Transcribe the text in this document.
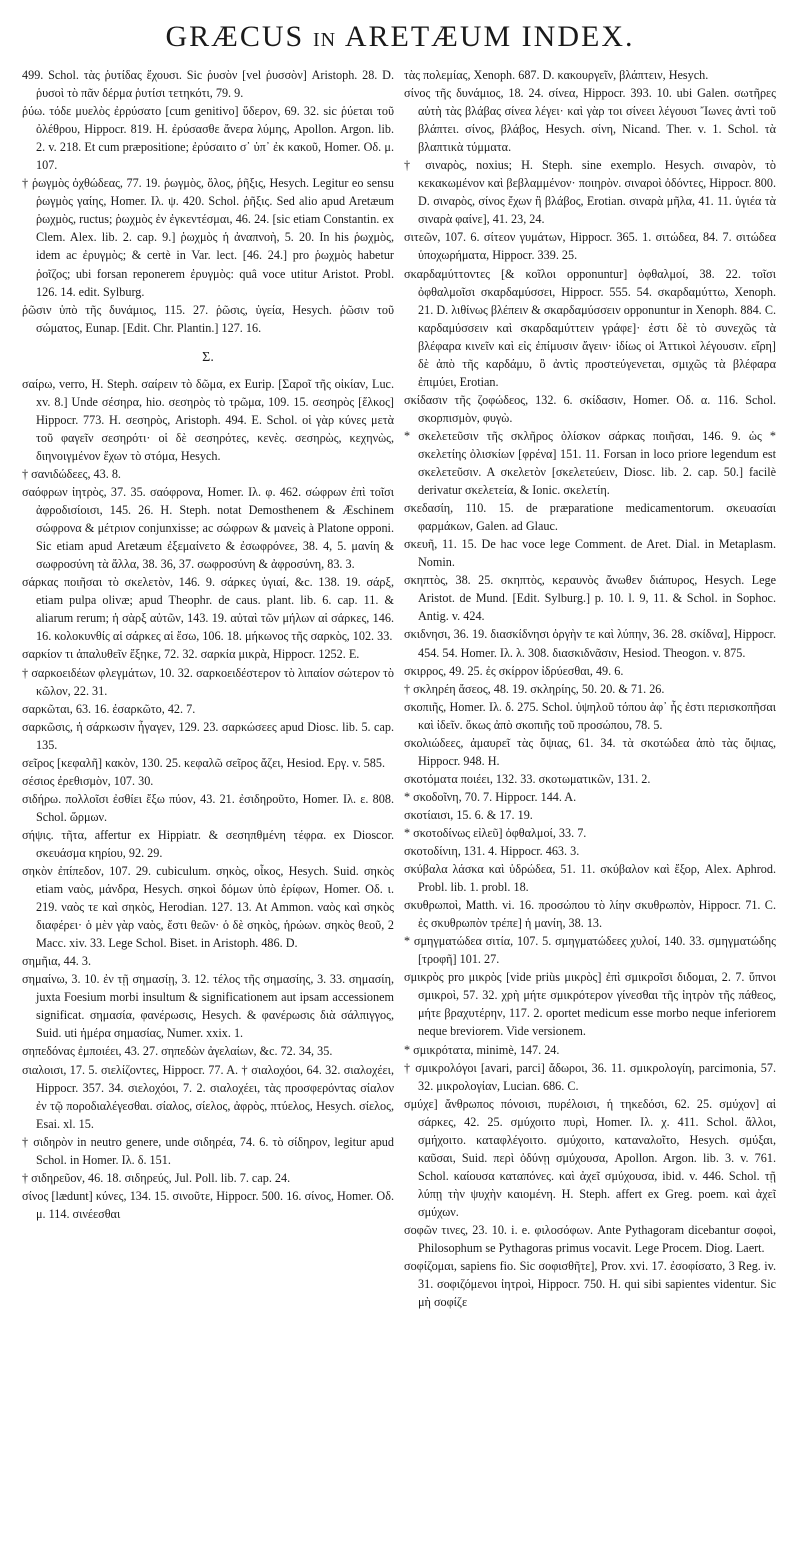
GRÆCUS IN ARETÆUM INDEX.

499. Schol. τὰς ῥυτίδας ἔχουσι. Sic ῥυσὸν [vel ῥυσσὸν] Aristoph. 28. D. ῥυσοὶ τὸ πᾶν δέρμα ῥυτίσι τετηκότι, 79. 9.

ῥύω. τόδε μυελὸς ἐρρύσατο [cum genitivo] ὕδερον, 69. 32. sic ῥύεται τοῦ ὀλέθρου, Hippocr. 819. H. ἐρύσασθε ἄνερα λύμης, Apollon. Argon. lib. 2. v. 218. Et cum præpositione; ἐρύσαιτο σ᾽ ὑπ᾽ ἐκ κακοῦ, Homer. Οδ. μ. 107.

† ῥωγμὸς ὀχθώδεας, 77. 19. ῥωγμὸς, ὅλος, ῥῆξις, Hesych. Legitur eo sensu ῥωγμὸς γαίης, Homer. Ιλ. ψ. 420. Schol. ῥῆξις. Sed alio apud Aretæum ῥωχμὸς, ructus; ῥωχμὸς ἐν ἐγκεντέσμαι, 46. 24. [sic etiam Constantin. ex Clem. Alex. lib. 2. cap. 9.] ῥωχμὸς ἡ ἀναπνοὴ, 5. 20. In his ῥωχμὸς, idem ac ἐρυγμὸς; & certè in Var. lect. [46. 24.] pro ῥωχμὸς habetur ῥοῖζος; ubi forsan reponerem ἐρυγμὸς: quâ voce utitur Aristot. Probl. 126. 14. edit. Sylburg.

ῥῶσιν ὑπὸ τῆς δυνάμιος, 115. 27. ῥῶσις, ὑγεία, Hesych. ῥῶσιν τοῦ σώματος, Eunap. [Edit. Chr. Plantin.] 127. 16.

Σ.

σαίρω, verro, H. Steph. σαίρειν τὸ δῶμα, ex Eurip. [Σαροῖ τῆς οἰκίαν, Luc. xv. 8.] Unde σέσηρα, hio. σεσηρὸς τὸ τρῶμα, 109. 15. σεσηρὸς [ἕλκος] Hippocr. 773. H. σεσηρὸς, Aristoph. 494. E. Schol. οἱ γὰρ κύνες μετὰ τοῦ φαγεῖν σεσηρότι· οἱ δὲ σεσηρότες, κενὲς. σεσηρὼς, κεχηνὼς, διηνοιγμένον ἔχων τὸ στόμα, Hesych.

† σανιδώδεες, 43. 8.

σαόφρων ἰητρὸς, 37. 35. σαόφρονα, Homer. Ιλ. φ. 462. σώφρων ἐπὶ τοῖσι ἀφροδισίοισι, 145. 26. H. Steph. notat Demosthenem & Æschinem σώφρονα & μέτριον conjunxisse; ac σώφρων & μανεὶς à Platone opponi. Sic etiam apud Aretæum ἐξεμαίνετο & ἐσωφρόνεε, 38. 4, 5. μανίη & σωφροσύνη τὰ ἄλλα, 38. 36, 37. σωφροσύνη & ἀφροσύνη, 83. 3.

σάρκας ποιῆσαι τὸ σκελετὸν, 146. 9. σάρκες ὑγιαί, &c. 138. 19. σάρξ, etiam pulpa olivæ; apud Theophr. de caus. plant. lib. 6. cap. 11. & aliarum rerum; ἡ σὰρξ αὐτῶν, 143. 19. αὐταὶ τῶν μήλων αἱ σάρκες, 146. 16. κολοκυνθίς αἱ σάρκες αἱ ἔσω, 106. 18. μήκωνος τῆς σαρκὸς, 102. 33.

σαρκίον τι ἀπαλυθεῖν ἔξηκε, 72. 32. σαρκία μικρὰ, Hippocr. 1252. E.

† σαρκοειδέων φλεγμάτων, 10. 32. σαρκοειδέστερον τὸ λιπαίον σώτερον τὸ κῶλον, 22. 31.

σαρκῶται, 63. 16. ἐσαρκῶτο, 42. 7.

σαρκῶσις, ἡ σάρκωσιν ἦγαγεν, 129. 23. σαρκώσεες apud Diosc. lib. 5. cap. 135.

σεῖρος [κεφαλῆ] κακὸν, 130. 25. κεφαλῶ σεῖρος ἄζει, Hesiod. Εργ. v. 585.

σέσιος ἐρεθισμὸν, 107. 30.

σιδήρω. πολλοῖσι ἐσθίει ἔξω πύον, 43. 21. ἐσιδηροῦτο, Homer. Ιλ. ε. 808. Schol. ὥρμων.

σήψις. τῆτα, affertur ex Hippiatr. & σεσηπθμένη τέφρα. ex Dioscor. σκευάσμα κηρίου, 92. 29.

σηκὸν ἐπίπεδον, 107. 29. cubiculum. σηκὸς, οἶκος, Hesych. Suid. σηκὸς etiam ναὸς, μάνδρα, Hesych. σηκοὶ δόμων ὑπὸ ἐρίφων, Homer. Οδ. ι. 219. ναὸς τε καὶ σηκὸς, Herodian. 127. 13. At Ammon. ναὸς καὶ σηκὸς διαφέρει· ὁ μὲν γὰρ ναὸς, ἔστι θεῶν· ὁ δὲ σηκὸς, ἡρώων. σηκὸς θεοῦ, 2 Macc. xiv. 33. Lege Schol. Biset. in Aristoph. 486. D.

σημῆια, 44. 3.

σημαίνω, 3. 10. ἐν τῇ σημασίῃ, 3. 12. τέλος τῆς σημασίης, 3. 33. σημασίη, juxta Foesium morbi insultum & significationem aut ipsam accessionem significat. σημασία, φανέρωσις, Hesych. & φανέρωσις διὰ σάλπιγγος, Suid. uti ἡμέρα σημασίας, Numer. xxix. 1.

σηπεδόνας ἐμποιέει, 43. 27. σηπεδὼν ἀγελαίων, &c. 72. 34, 35.

σιαλοισι, 17. 5. σιελίζοντες, Hippocr. 77. A. † σιαλοχόοι, 64. 32. σιαλοχέει, Hippocr. 357. 34. σιελοχόοι, 7. 2. σιαλοχέει, τὰς προσφερόντας σίαλον ἐν τῷ ποροδιαλέγεσθαι. σίαλος, σίελος, ἀφρὸς, πτύελος, Hesych. σίελος, Esai. xl. 15.

† σιδηρὸν in neutro genere, unde σιδηρέα, 74. 6. τὸ σίδηρον, legitur apud Schol. in Homer. Ιλ. δ. 151.

† σιδηρεῦον, 46. 18. σιδηρεύς, Jul. Poll. lib. 7. cap. 24.

σίνος [lædunt] κύνες, 134. 15. σινοῦτε, Hippocr. 500. 16. σίνος, Homer. Οδ. μ. 114. σινέεσθαι

τὰς πολεμίας, Xenoph. 687. D. κακουργεῖν, βλάπτειν, Hesych.

σίνος τῆς δυνάμιος, 18. 24. σίνεα, Hippocr. 393. 10. ubi Galen. σωτῆρες αὐτὴ τὰς βλάβας σίνεα λέγει· καὶ γὰρ τοι σίνεει λέγουσι Ἴωνες ἀντὶ τοῦ βλάπτει. σίνος, βλάβος, Hesych. σίνη, Nicand. Ther. v. 1. Schol. τὰ βλαπτικὰ τύμματα.

† σιναρὸς, noxius; H. Steph. sine exemplo. Hesych. σιναρὸν, τὸ κεκακωμένον καὶ βεβλαμμένον· ποιηρὸν. σιναροὶ ὀδόντες, Hippocr. 800. D. σιναρὸς, σίνος ἔχων ἢ βλάβος, Erotian. σιναρὰ μῆλα, 41. 11. ὑγιέα τὰ σιναρὰ φαίνε], 41. 23, 24.

σιτεῶν, 107. 6. σίτεον γυμάτων, Hippocr. 365. 1. σιτώδεα, 84. 7. σιτώδεα ὑποχωρήματα, Hippocr. 339. 25.

σκαρδαμύττοντες [& κοῖλοι opponuntur] ὀφθαλμοί, 38. 22. τοῖσι ὀφθαλμοῖσι σκαρδαμύσσει, Hippocr. 555. 54. σκαρδαμύττω, Xenoph. 21. D. λιθίνως βλέπειν & σκαρδαμύσσειν opponuntur in Xenoph. 884. C. καρδαμύσσειν καὶ σκαρδαμύττειν γράφε]· ἐστι δὲ τὸ συνεχῶς τὰ βλέφαρα κινεῖν καὶ εἰς ἐπίμυσιν ἄγειν· ἰδίως οἱ Ἀττικοὶ λέγουσιν. εἴρη] δὲ ἀπὸ τῆς καρδάμυ, ὃ ἀντὶς προστεύγενεται, σμιχῶς τὰ βλέφαρα ἐπιμύει, Erotian.

σκίδασιν τῆς ζοφώδεος, 132. 6. σκίδασιν, Homer. Οδ. α. 116. Schol. σκορπισμὸν, φυγὼ.

* σκελετεῦσιν τῆς σκλῆρος ὀλίσκον σάρκας ποιῆσαι, 146. 9. ὡς * σκελετίης ὀλισκίων [φρένα] 151. 11. Forsan in loco priore legendum est σκελετεῦσιν. Α σκελετὸν [σκελετεύειν, Diosc. lib. 2. cap. 50.] facilè derivatur σκελετεία, & Ionic. σκελετίη.

σκεδασίη, 110. 15. de præparatione medicamentorum. σκευασίαι φαρμάκων, Galen. ad Glauc.

σκευῆ, 11. 15. De hac voce lege Comment. de Aret. Dial. in Metaplasm. Nomin.

σκηπτὸς, 38. 25. σκηπτὸς, κεραυνὸς ἄνωθεν διάπυρος, Hesych. Lege Aristot. de Mund. [Edit. Sylburg.] p. 10. l. 9, 11. & Schol. in Sophoc. Antig. v. 424.

σκιδνησι, 36. 19. διασκίδνησι ὀργὴν τε καὶ λύπην, 36. 28. σκίδνα], Hippocr. 454. 54. Homer. Ιλ. λ. 308. διασκιδνᾶσιν, Hesiod. Theogon. v. 875.

σκιρρος, 49. 25. ἐς σκίρρον ἰδρύεσθαι, 49. 6.

† σκληρέη ἄσεος, 48. 19. σκληρίης, 50. 20. & 71. 26.

σκοπιῆς, Homer. Ιλ. δ. 275. Schol. ὑψηλοῦ τόπου ἀφ᾽ ἧς ἐστι περισκοπῆσαι καὶ ἰδεῖν. ὅκως ἀπὸ σκοπιῆς τοῦ προσώπου, 78. 5.

σκολιώδεες, ἀμαυρεῖ τὰς ὄψιας, 61. 34. τὰ σκοτώδεα ἀπὸ τὰς ὄψιας, Hippocr. 948. H.

σκοτόματα ποιέει, 132. 33. σκοτωματικῶν, 131. 2.

* σκοδοῖνη, 70. 7. Hippocr. 144. A.

σκοτίαισι, 15. 6. & 17. 19.

* σκοτοδίνως εἰλεῦ] ὀφθαλμοί, 33. 7.

σκοτοδίνιη, 131. 4. Hippocr. 463. 3.

σκύβαλα λάσκα καὶ ὑδρώδεα, 51. 11. σκύβαλον καὶ ἔξορ, Alex. Aphrod. Probl. lib. 1. probl. 18.

σκυθρωποὶ, Matth. vi. 16. προσώπου τὸ λίην σκυθρωπὸν, Hippocr. 71. C. ἐς σκυθρωπὸν τρέπε] ἡ μανίη, 38. 13.

* σμηγματώδεα σιτία, 107. 5. σμηγματώδεες χυλοί, 140. 33. σμηγματώδης [τροφῆ] 101. 27.

σμικρὸς pro μικρὸς [vide priùs μικρὸς] ἐπὶ σμικροῖσι διδομαι, 2. 7. ὕπνοι σμικροὶ, 57. 32. χρὴ μήτε σμικρότερον γίνεσθαι τῆς ἰητρὸν τῆς πάθεος, μήτε βραχυτέρην, 117. 2. oportet medicum esse morbo neque inferiorem neque breviorem. Vide versionem.

* σμικρότατα, minimè, 147. 24.

† σμικρολόγοι [avari, parci] ἄδωροι, 36. 11. σμικρολογίη, parcimonia, 57. 32. μικρολογίαν, Lucian. 686. C.

σμύχε] ἄνθρωπος πόνοισι, πυρέλοισι, ἡ τηκεδόσι, 62. 25. σμύχον] αἱ σάρκες, 42. 25. σμύχοιτο πυρὶ, Homer. Ιλ. χ. 411. Schol. ἄλλοι, σμήχοιτο. καταφλέγοιτο. σμύχοιτο, καταναλοῖτο, Hesych. σμύξαι, καῦσαι, Suid. περὶ ὀδύνῃ σμύχουσα, Apollon. Argon. lib. 3. v. 761. Schol. καίουσα καταπόνες. καὶ ἀχεῖ σμύχουσα, ibid. v. 446. Schol. τῇ λύπῃ τὴν ψυχὴν καιομένη. H. Steph. affert ex Greg. poem. καὶ ἀχεῖ σμύχων.

σοφῶν τινες, 23. 10. i. e. φιλοσόφων. Ante Pythagoram dicebantur σοφοὶ, Philosophum se Pythagoras primus vocavit. Lege Procem. Diog. Laert.

σοφίζομαι, sapiens fio. Sic σοφισθῆτε], Prov. xvi. 17. ἐσοφίσατο, 3 Reg. iv. 31. σοφιζόμενοι ἰητροὶ, Hippocr. 750. H. qui sibi sapientes videntur. Sic μὴ σοφίζε
